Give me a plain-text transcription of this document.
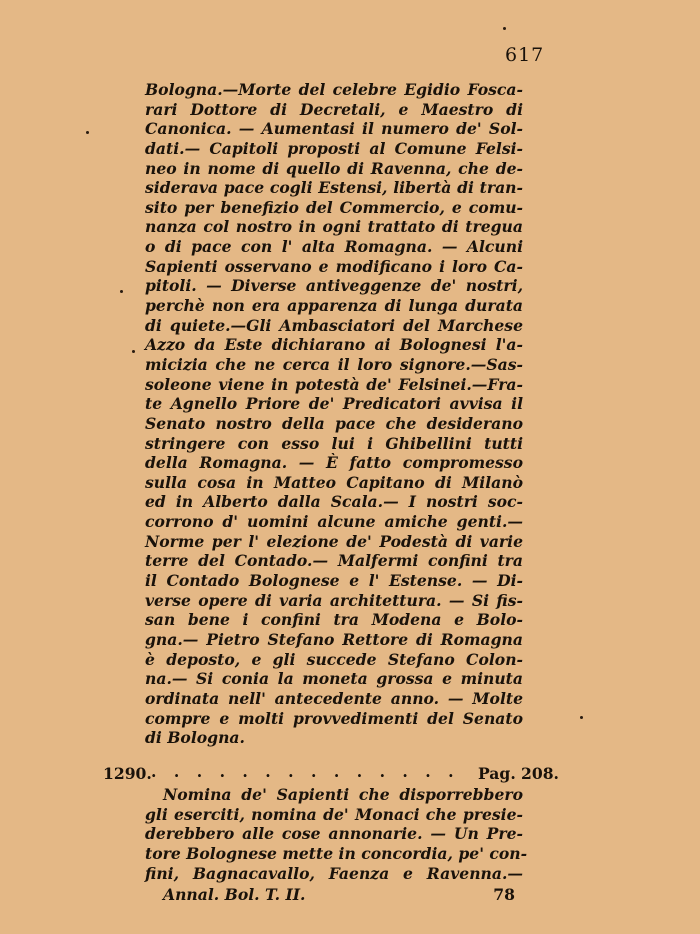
617
Bologna.—Morte del celebre Egidio Fosca-
rari Dottore di Decretali, e Maestro di
Canonica. — Aumentasi il numero de' Sol-
dati.— Capitoli proposti al Comune Felsi-
neo in nome di quello di Ravenna, che de-
siderava pace cogli Estensi, libertà di tran-
sito per benefizio del Commercio, e comu-
nanza col nostro in ogni trattato di tregua
o di pace con l' alta Romagna. — Alcuni
Sapienti osservano e modificano i loro Ca-
pitoli. — Diverse antiveggenze de' nostri,
perchè non era apparenza di lunga durata
di quiete.—Gli Ambasciatori del Marchese
Azzo da Este dichiarano ai Bolognesi l'a-
micizia che ne cerca il loro signore.—Sas-
soleone viene in potestà de' Felsinei.—Fra-
te Agnello Priore de' Predicatori avvisa il
Senato nostro della pace che desiderano
stringere con esso lui i Ghibellini tutti
della Romagna. — È fatto compromesso
sulla cosa in Matteo Capitano di Milanò
ed in Alberto dalla Scala.— I nostri soc-
corrono d' uomini alcune amiche genti.—
Norme per l' elezione de' Podestà di varie
terre del Contado.— Malfermi confini tra
il Contado Bolognese e l' Estense. — Di-
verse opere di varia architettura. — Si fis-
san bene i confini tra Modena e Bolo-
gna.— Pietro Stefano Rettore di Romagna
è deposto, e gli succede Stefano Colon-
na.— Si conia la moneta grossa e minuta
ordinata nell' antecedente anno. — Molte
compre e molti provvedimenti del Senato
di Bologna.
1290. . . . . . . . . . . . . . . Pag. 208.
Nomina de' Sapienti che disporrebbero
gli eserciti, nomina de' Monaci che presie-
derebbero alle cose annonarie. — Un Pre-
tore Bolognese mette in concordia, pe' con-
fini, Bagnacavallo, Faenza e Ravenna.—
Annal. Bol. T. II.	78
